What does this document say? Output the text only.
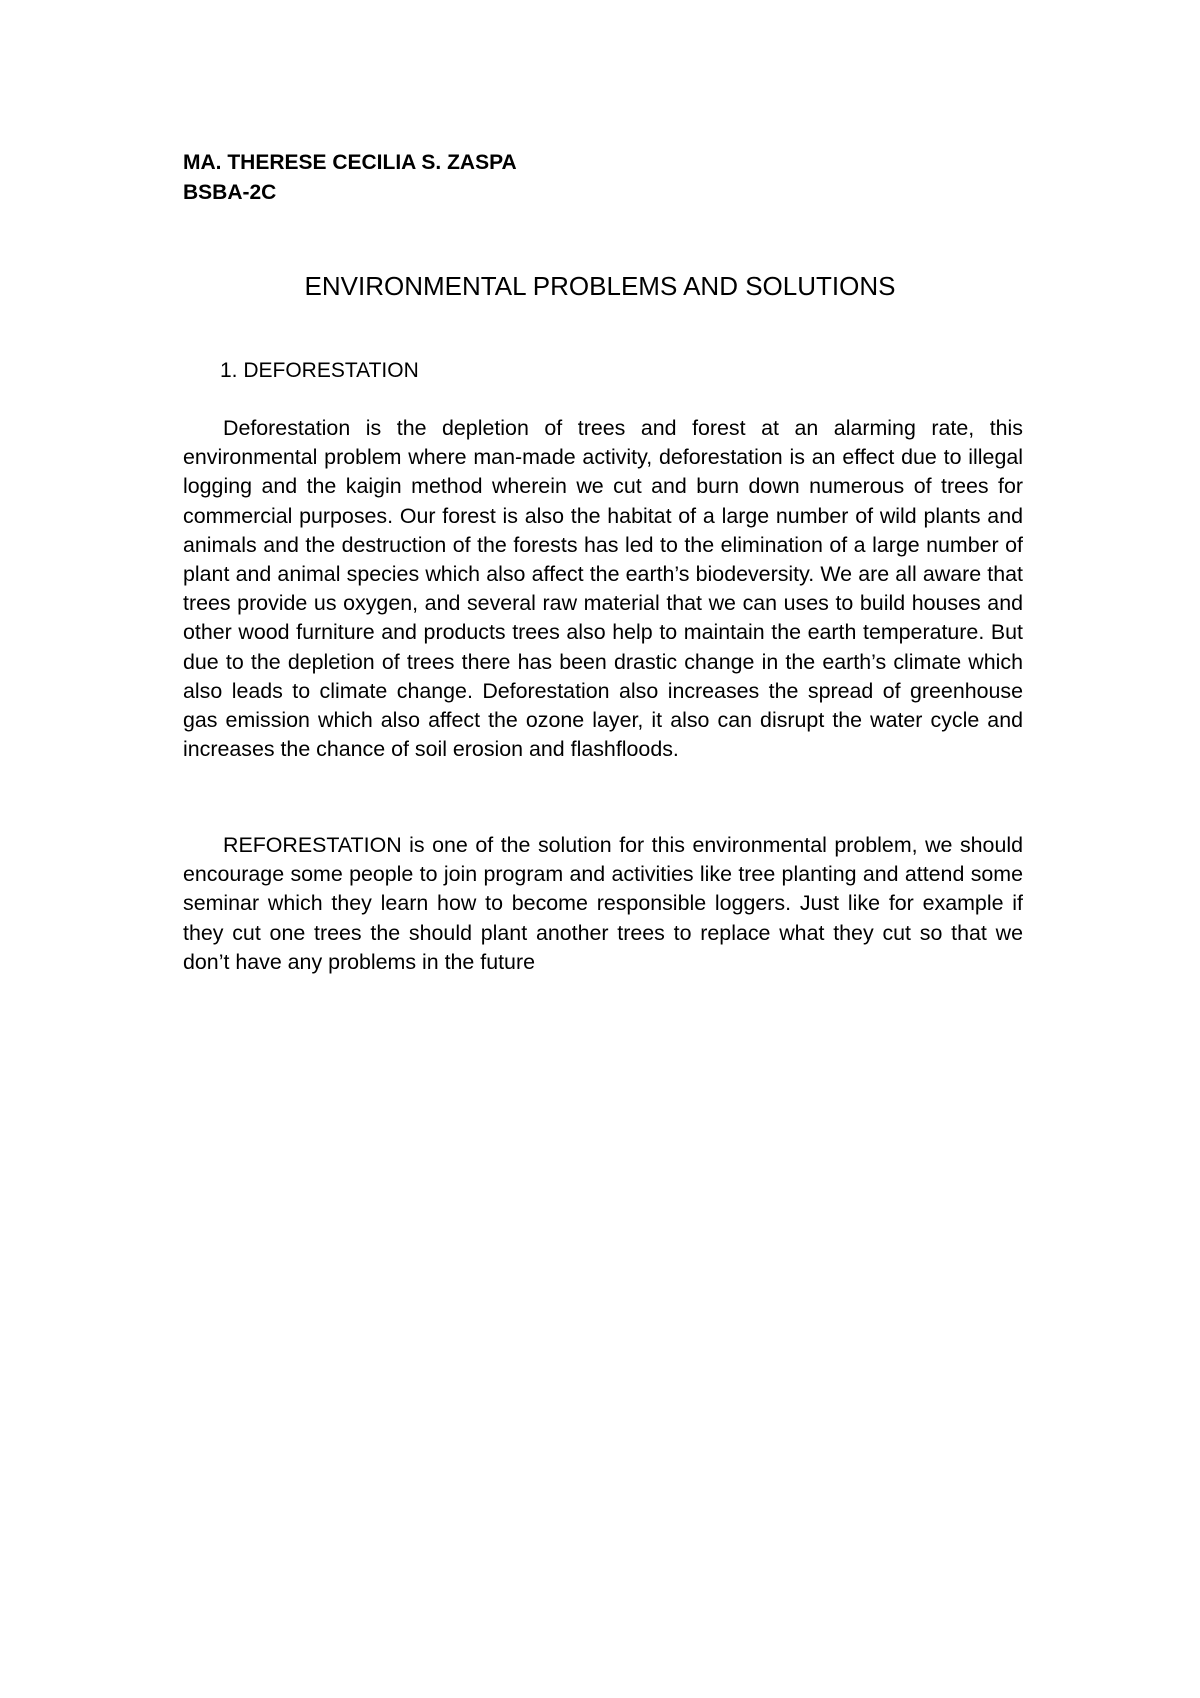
MA. THERESE CECILIA S. ZASPA
BSBA-2C
ENVIRONMENTAL PROBLEMS AND SOLUTIONS
1. DEFORESTATION

Deforestation is the depletion of trees and forest at an alarming rate, this environmental problem where man-made activity, deforestation is an effect due to illegal logging and the kaigin method wherein we cut and burn down numerous of trees for commercial purposes. Our forest is also the habitat of a large number of wild plants and animals and the destruction of the forests has led to the elimination of a large number of plant and animal species which also affect the earth’s biodeversity. We are all aware that trees provide us oxygen, and several raw material that we can uses to build houses and other wood furniture and products trees also help to maintain the earth temperature. But due to the depletion of trees there has been drastic change in the earth’s climate which also leads to climate change. Deforestation also increases the spread of greenhouse gas emission which also affect the ozone layer, it also can disrupt the water cycle and increases the chance of soil erosion and flashfloods.

REFORESTATION is one of the solution for this environmental problem, we should encourage some people to join program and activities like tree planting and attend some seminar which they learn how to become responsible loggers. Just like for example if they cut one trees the should plant another trees to replace what they cut so that we don’t have any problems in the future
